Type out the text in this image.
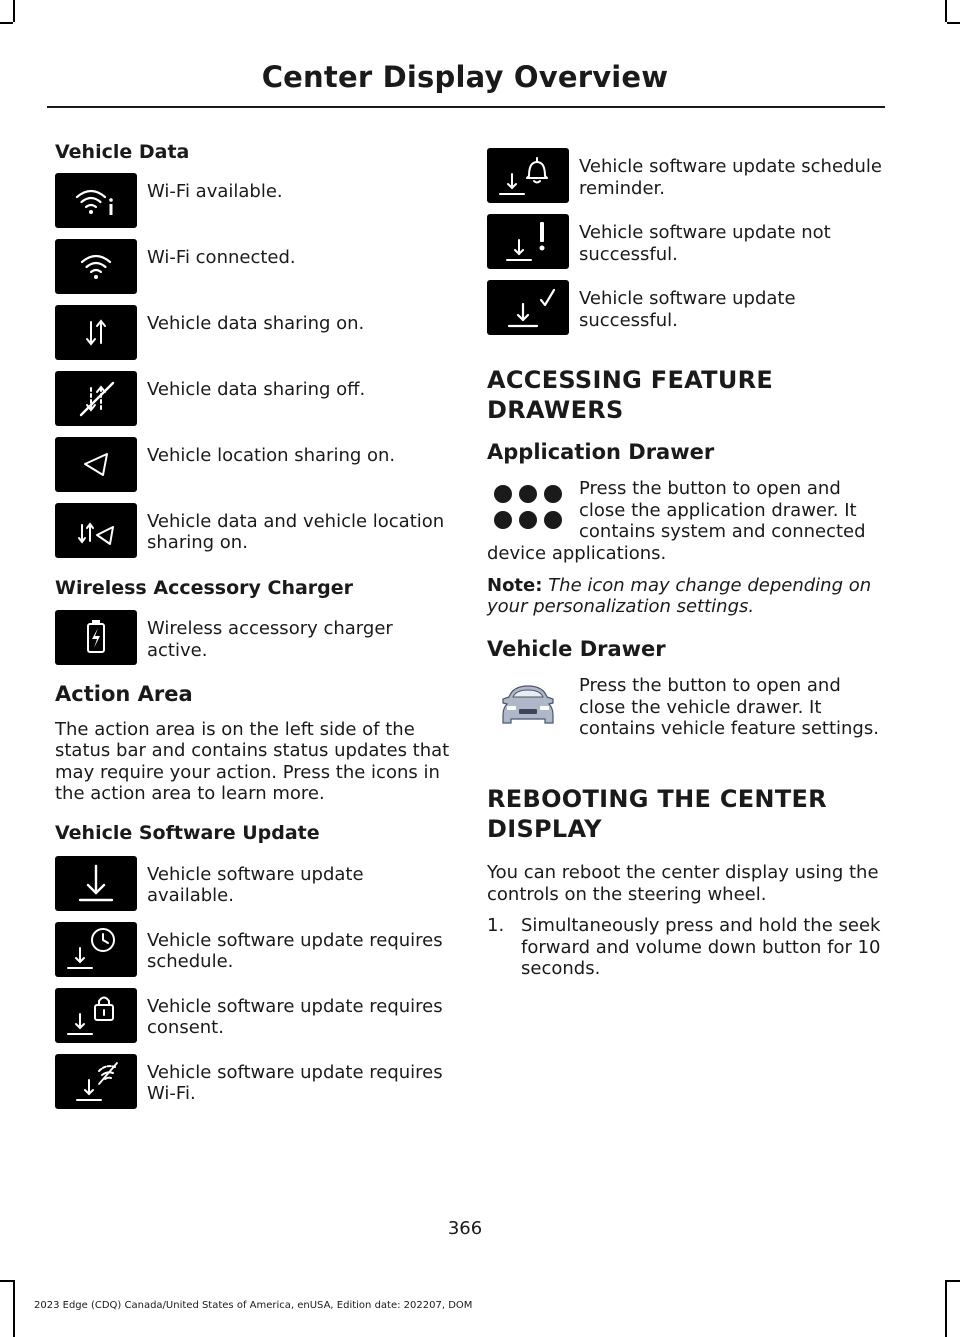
Center Display Overview
Vehicle Data
Wi-Fi available.
Wi-Fi connected.
Vehicle data sharing on.
Vehicle data sharing off.
Vehicle location sharing on.
Vehicle data and vehicle location sharing on.
Wireless Accessory Charger
Wireless accessory charger active.
Action Area

The action area is on the left side of the status bar and contains status updates that may require your action. Press the icons in the action area to learn more.

Vehicle Software Update
Vehicle software update available.
Vehicle software update requires schedule.
Vehicle software update requires consent.
Vehicle software update requires Wi-Fi.
Vehicle software update schedule reminder.
Vehicle software update not successful.
Vehicle software update successful.
ACCESSING FEATURE DRAWERS
Application Drawer

Press the button to open and close the application drawer. It contains system and connected device applications.

Note: The icon may change depending on your personalization settings.

Vehicle Drawer

Press the button to open and close the vehicle drawer. It contains vehicle feature settings.

REBOOTING THE CENTER DISPLAY

You can reboot the center display using the controls on the steering wheel.

1. Simultaneously press and hold the seek forward and volume down button for 10 seconds.
366
2023 Edge (CDQ) Canada/United States of America, enUSA, Edition date: 202207, DOM
